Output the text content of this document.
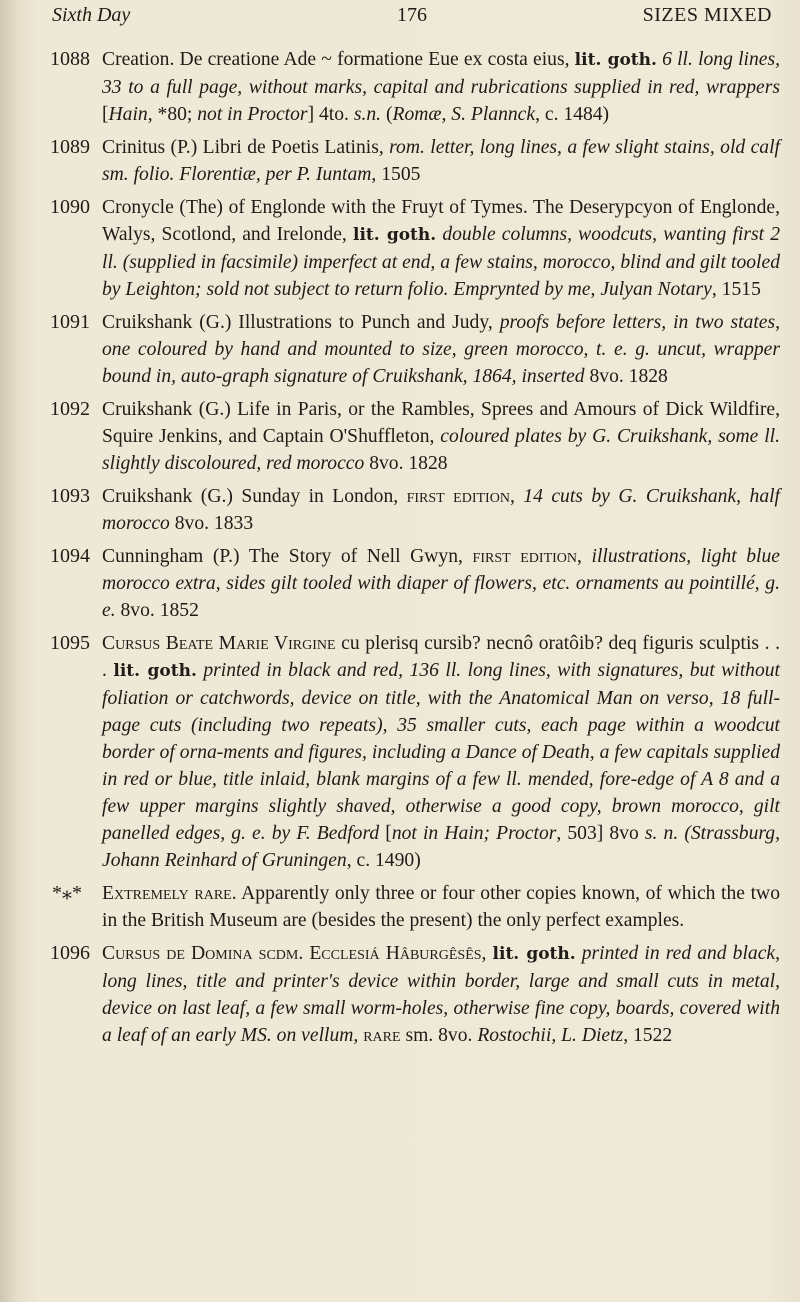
Sixth Day	176	SIZES MIXED
1088 Creation. De creatione Ade ~ formatione Eue ex costa eius, lit. goth. 6 ll. long lines, 33 to a full page, without marks, capital and rubrications supplied in red, wrappers [Hain, *80; not in Proctor] 4to. s.n. (Romæ, S. Plannck, c. 1484)
1089 Crinitus (P.) Libri de Poetis Latinis, rom. letter, long lines, a few slight stains, old calf sm. folio. Florentiæ, per P. Iuntam, 1505
1090 Cronycle (The) of Englonde with the Fruyt of Tymes. The Deserypcyon of Englonde, Walys, Scotlond, and Irelonde, lit. goth. double columns, woodcuts, wanting first 2 ll. (supplied in facsimile) imperfect at end, a few stains, morocco, blind and gilt tooled by Leighton; sold not subject to return folio. Emprynted by me, Julyan Notary, 1515
1091 Cruikshank (G.) Illustrations to Punch and Judy, proofs before letters, in two states, one coloured by hand and mounted to size, green morocco, t. e. g. uncut, wrapper bound in, auto-graph signature of Cruikshank, 1864, inserted 8vo. 1828
1092 Cruikshank (G.) Life in Paris, or the Rambles, Sprees and Amours of Dick Wildfire, Squire Jenkins, and Captain O'Shuffleton, coloured plates by G. Cruikshank, some ll. slightly discoloured, red morocco 8vo. 1828
1093 Cruikshank (G.) Sunday in London, first edition, 14 cuts by G. Cruikshank, half morocco 8vo. 1833
1094 Cunningham (P.) The Story of Nell Gwyn, first edition, illustrations, light blue morocco extra, sides gilt tooled with diaper of flowers, etc. ornaments au pointillé, g. e. 8vo. 1852
1095 Cursus Beate Marie Virgine cu plerisq cursib? necnô oratôib? deq figuris sculptis . . . lit. goth. printed in black and red, 136 ll. long lines, with signatures, but without foliation or catchwords, device on title, with the Anatomical Man on verso, 18 full-page cuts (including two repeats), 35 smaller cuts, each page within a woodcut border of orna-ments and figures, including a Dance of Death, a few capitals supplied in red or blue, title inlaid, blank margins of a few ll. mended, fore-edge of A 8 and a few upper margins slightly shaved, otherwise a good copy, brown morocco, gilt panelled edges, g. e. by F. Bedford [not in Hain; Proctor, 503] 8vo s. n. (Strassburg, Johann Reinhard of Gruningen, c. 1490)
*⁎* Extremely rare. Apparently only three or four other copies known, of which the two in the British Museum are (besides the present) the only perfect examples.
1096 Cursus de Domina scdm. Ecclesiá Hâburgêsês, lit. goth. printed in red and black, long lines, title and printer's device within border, large and small cuts in metal, device on last leaf, a few small worm-holes, otherwise fine copy, boards, covered with a leaf of an early MS. on vellum, rare sm. 8vo. Rostochii, L. Dietz, 1522
